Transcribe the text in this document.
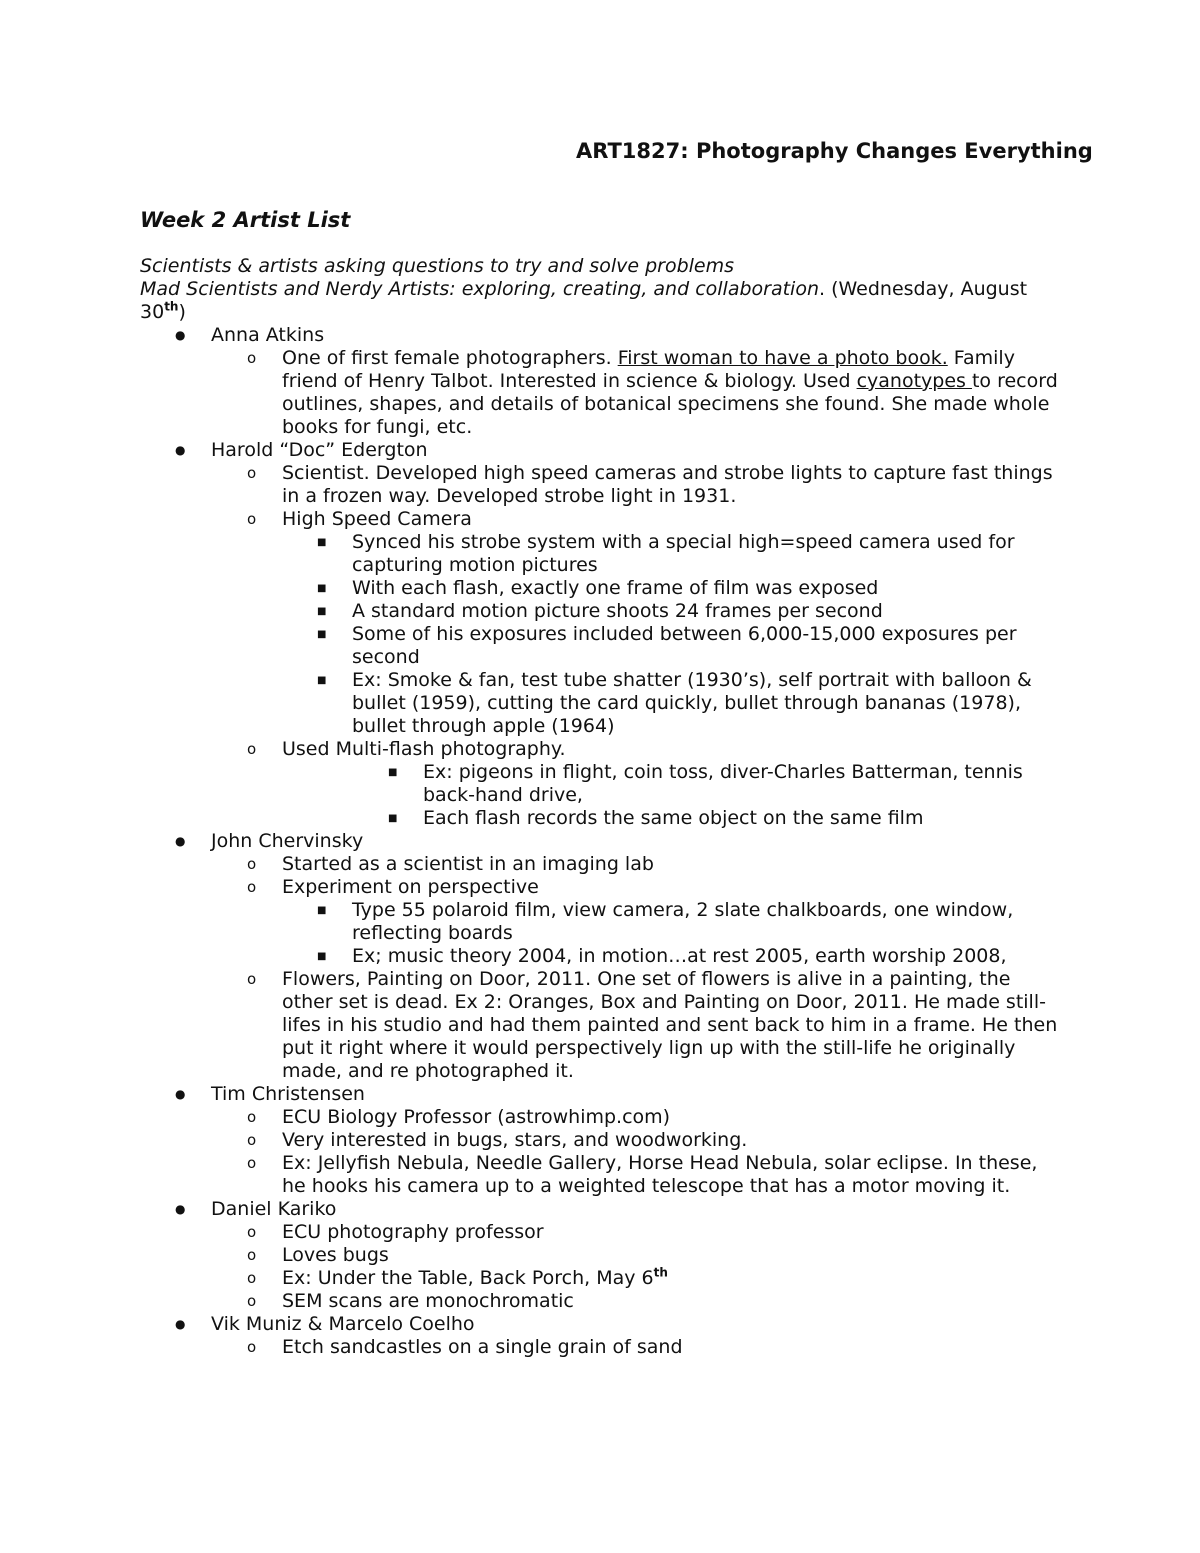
ART1827: Photography Changes Everything
Week 2 Artist List

Scientists & artists asking questions to try and solve problems

Mad Scientists and Nerdy Artists: exploring, creating, and collaboration. (Wednesday, August 30th)

● Anna Atkins
o One of first female photographers. First woman to have a photo book. Family friend of Henry Talbot. Interested in science & biology. Used cyanotypes to record outlines, shapes, and details of botanical specimens she found. She made whole books for fungi, etc.
● Harold “Doc” Edergton
o Scientist. Developed high speed cameras and strobe lights to capture fast things in a frozen way. Developed strobe light in 1931.
o High Speed Camera
■ Synced his strobe system with a special high=speed camera used for capturing motion pictures
■ With each flash, exactly one frame of film was exposed
■ A standard motion picture shoots 24 frames per second
■ Some of his exposures included between 6,000-15,000 exposures per second
■ Ex: Smoke & fan, test tube shatter (1930’s), self portrait with balloon & bullet (1959), cutting the card quickly, bullet through bananas (1978), bullet through apple (1964)
o Used Multi-flash photography.
■ Ex: pigeons in flight, coin toss, diver-Charles Batterman, tennis back-hand drive,
■ Each flash records the same object on the same film
● John Chervinsky
o Started as a scientist in an imaging lab
o Experiment on perspective
■ Type 55 polaroid film, view camera, 2 slate chalkboards, one window, reflecting boards
■ Ex; music theory 2004, in motion…at rest 2005, earth worship 2008,
o Flowers, Painting on Door, 2011. One set of flowers is alive in a painting, the other set is dead. Ex 2: Oranges, Box and Painting on Door, 2011. He made still-lifes in his studio and had them painted and sent back to him in a frame. He then put it right where it would perspectively lign up with the still-life he originally made, and re photographed it.
● Tim Christensen
o ECU Biology Professor (astrowhimp.com)
o Very interested in bugs, stars, and woodworking.
o Ex: Jellyfish Nebula, Needle Gallery, Horse Head Nebula, solar eclipse. In these, he hooks his camera up to a weighted telescope that has a motor moving it.
● Daniel Kariko
o ECU photography professor
o Loves bugs
o Ex: Under the Table, Back Porch, May 6th
o SEM scans are monochromatic
● Vik Muniz & Marcelo Coelho
o Etch sandcastles on a single grain of sand
